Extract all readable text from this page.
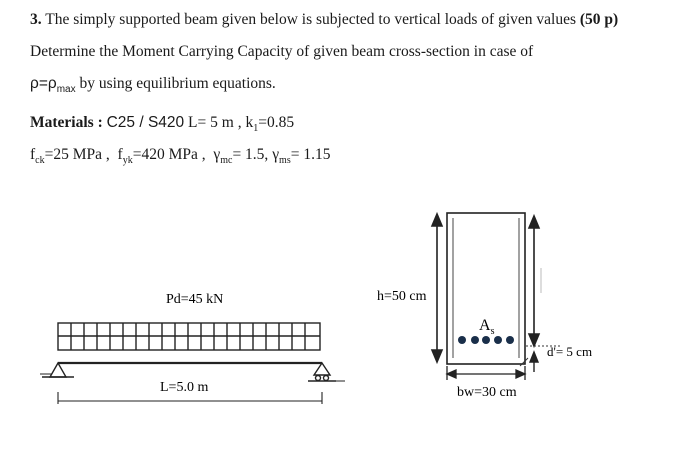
3. The simply supported beam given below is subjected to vertical loads of given values (50 p)
Determine the Moment Carrying Capacity of given beam cross-section in case of
$\rho=\rho_{max}$ by using equilibrium equations.
Materials : C25 / S420 L= 5 m , $k_1=0.85$
$f_{ck}=25$ MPa , $f_{yk}=420$ MPa , $\gamma_{mc}= 1.5$, $\gamma_{ms}= 1.15$
Pd=45 kN
L=5.0 m
h=50 cm
$A_s$
d'= 5 cm
bw=30 cm
